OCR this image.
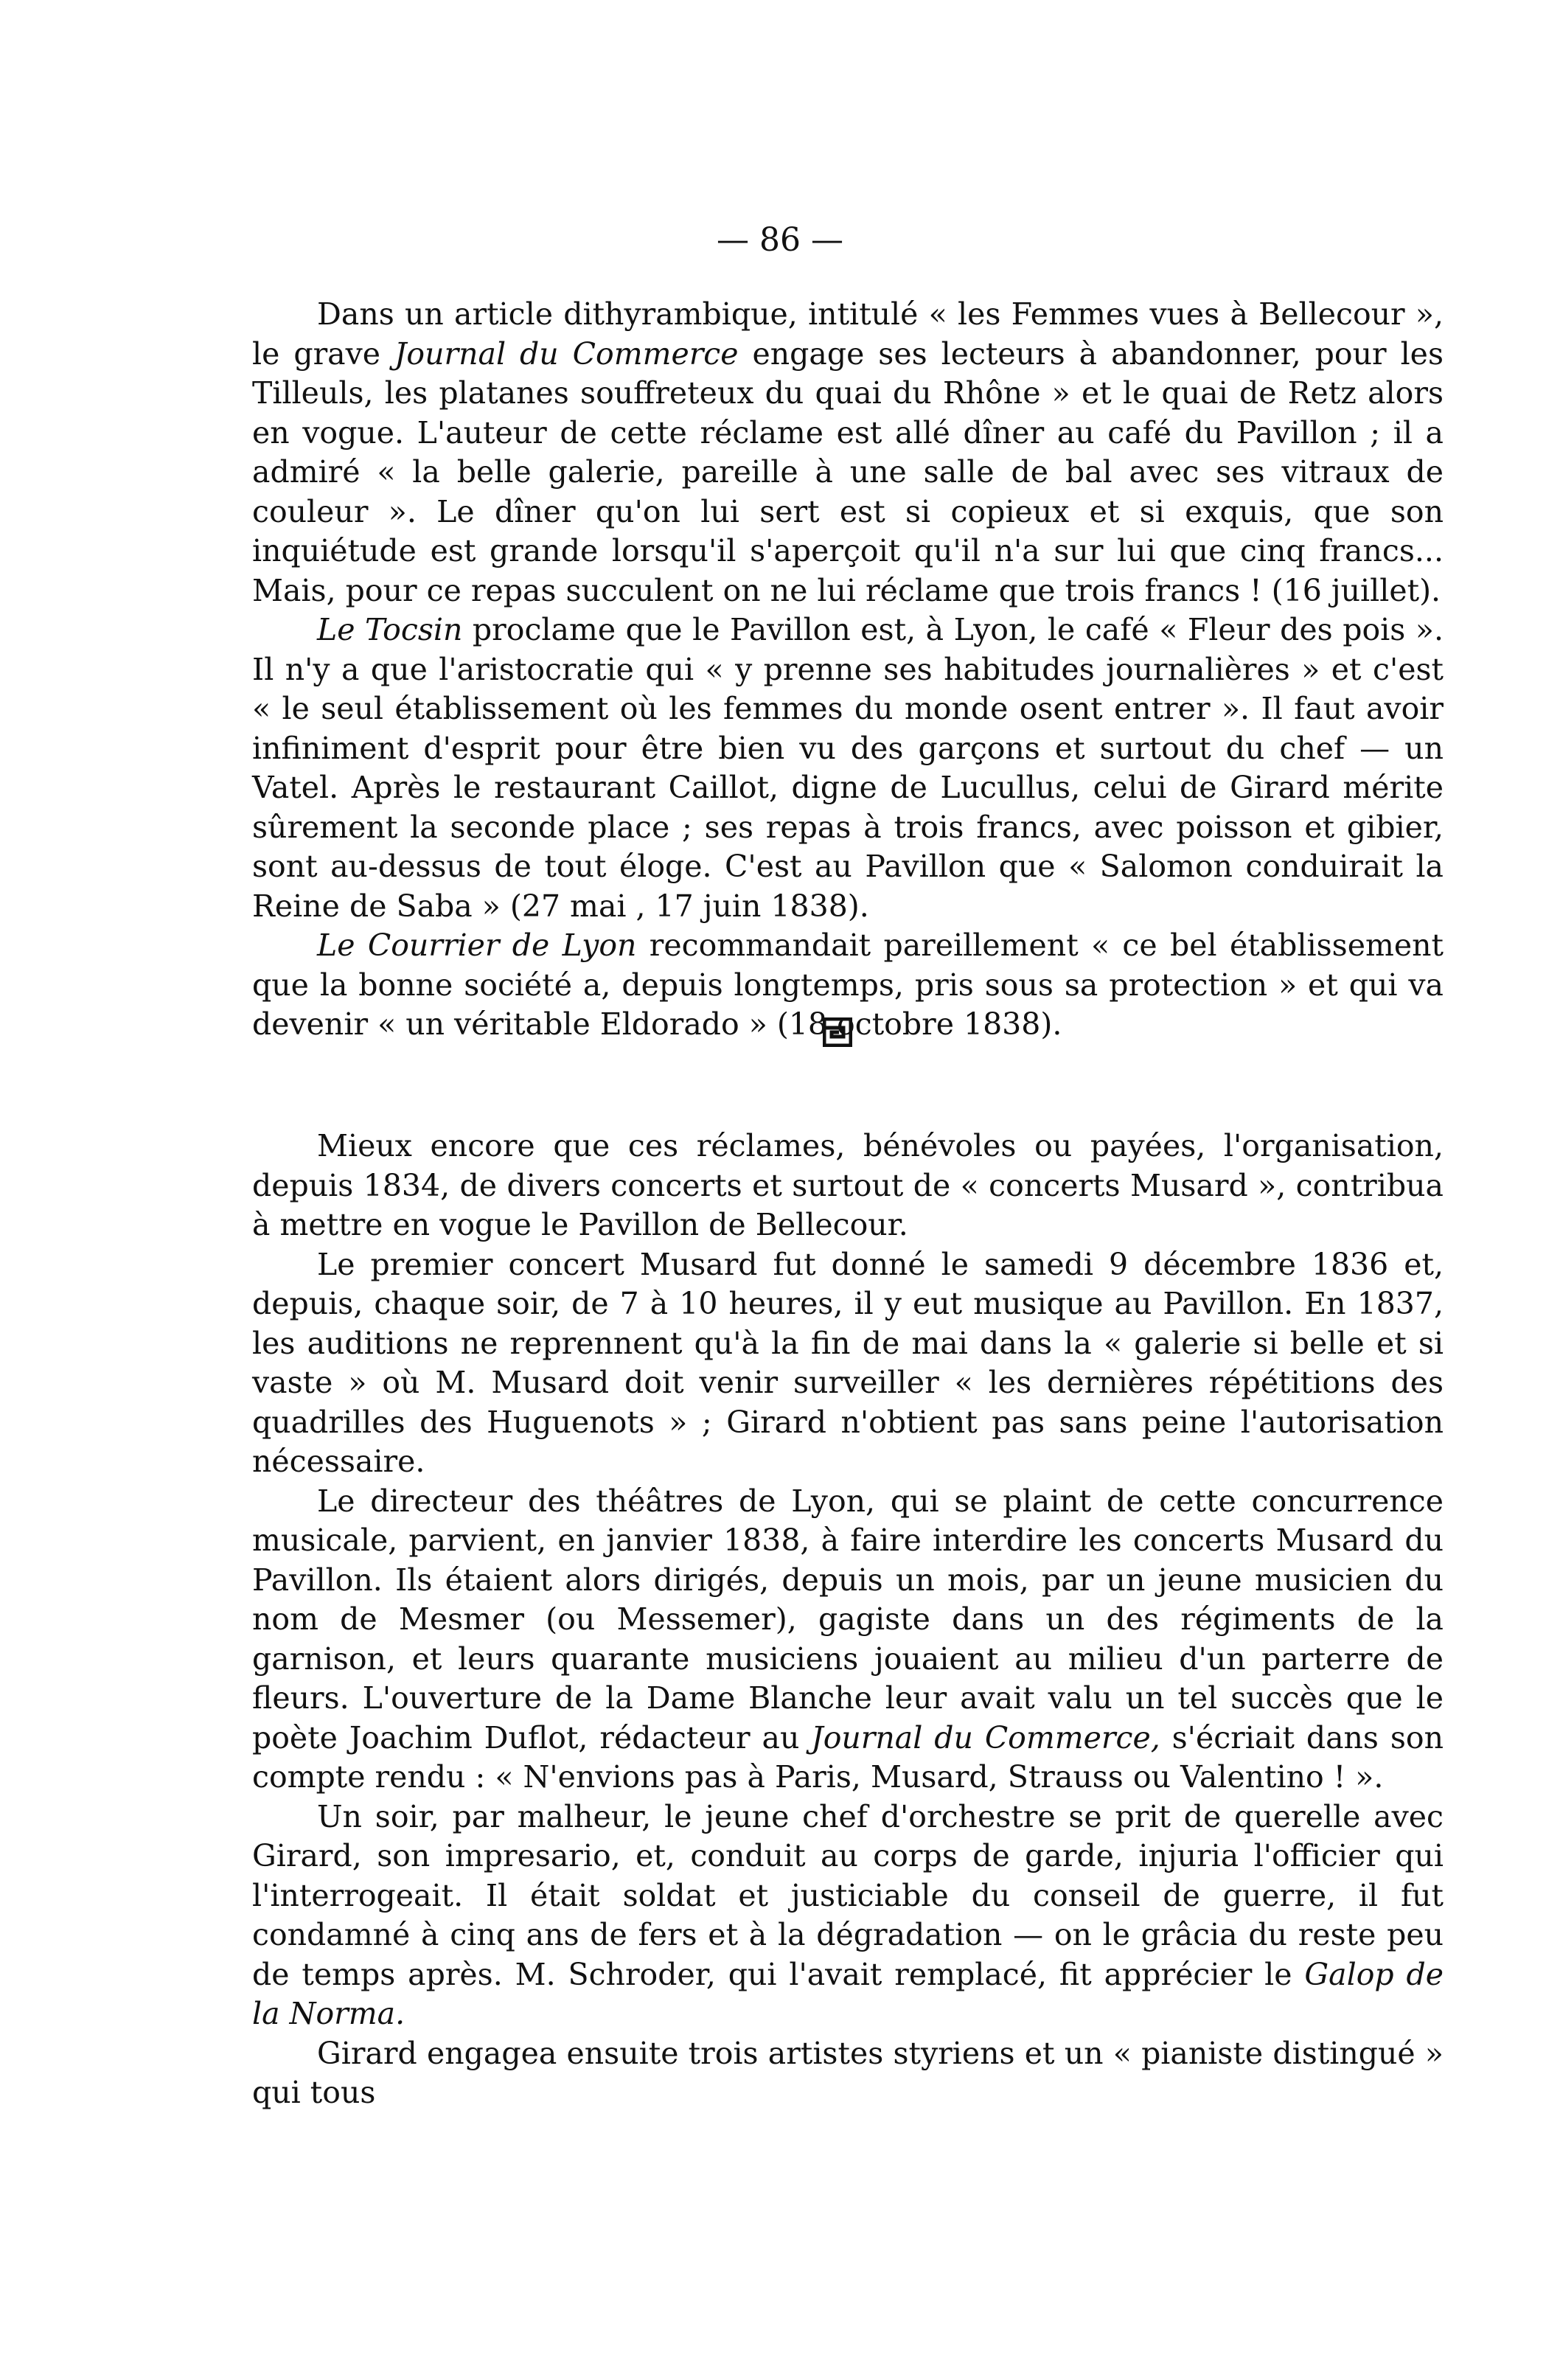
— 86 —

Dans un article dithyrambique, intitulé « les Femmes vues à Bellecour », le grave Journal du Commerce engage ses lecteurs à abandonner, pour les Tilleuls, les platanes souffreteux du quai du Rhône » et le quai de Retz alors en vogue. L'auteur de cette réclame est allé dîner au café du Pavillon ; il a admiré « la belle galerie, pareille à une salle de bal avec ses vitraux de couleur ». Le dîner qu'on lui sert est si copieux et si exquis, que son inquiétude est grande lorsqu'il s'aperçoit qu'il n'a sur lui que cinq francs... Mais, pour ce repas succulent on ne lui réclame que trois francs ! (16 juillet).

Le Tocsin proclame que le Pavillon est, à Lyon, le café « Fleur des pois ». Il n'y a que l'aristocratie qui « y prenne ses habitudes journalières » et c'est « le seul établissement où les femmes du monde osent entrer ». Il faut avoir infiniment d'esprit pour être bien vu des garçons et surtout du chef — un Vatel. Après le restaurant Caillot, digne de Lucullus, celui de Girard mérite sûrement la seconde place ; ses repas à trois francs, avec poisson et gibier, sont au-dessus de tout éloge. C'est au Pavillon que « Salomon conduirait la Reine de Saba » (27 mai , 17 juin 1838).

Le Courrier de Lyon recommandait pareillement « ce bel établissement que la bonne société a, depuis longtemps, pris sous sa protection » et qui va devenir « un véritable Eldorado » (18 octobre 1838).

Mieux encore que ces réclames, bénévoles ou payées, l'organisation, depuis 1834, de divers concerts et surtout de « concerts Musard », contribua à mettre en vogue le Pavillon de Bellecour.

Le premier concert Musard fut donné le samedi 9 décembre 1836 et, depuis, chaque soir, de 7 à 10 heures, il y eut musique au Pavillon. En 1837, les auditions ne reprennent qu'à la fin de mai dans la « galerie si belle et si vaste » où M. Musard doit venir surveiller « les dernières répétitions des quadrilles des Huguenots » ; Girard n'obtient pas sans peine l'autorisation nécessaire.

Le directeur des théâtres de Lyon, qui se plaint de cette concurrence musicale, parvient, en janvier 1838, à faire interdire les concerts Musard du Pavillon. Ils étaient alors dirigés, depuis un mois, par un jeune musicien du nom de Mesmer (ou Messemer), gagiste dans un des régiments de la garnison, et leurs quarante musiciens jouaient au milieu d'un parterre de fleurs. L'ouverture de la Dame Blanche leur avait valu un tel succès que le poète Joachim Duflot, rédacteur au Journal du Commerce, s'écriait dans son compte rendu : « N'envions pas à Paris, Musard, Strauss ou Valentino ! ».

Un soir, par malheur, le jeune chef d'orchestre se prit de querelle avec Girard, son impresario, et, conduit au corps de garde, injuria l'officier qui l'interrogeait. Il était soldat et justiciable du conseil de guerre, il fut condamné à cinq ans de fers et à la dégradation — on le grâcia du reste peu de temps après. M. Schroder, qui l'avait remplacé, fit apprécier le Galop de la Norma.

Girard engagea ensuite trois artistes styriens et un « pianiste distingué » qui tous
